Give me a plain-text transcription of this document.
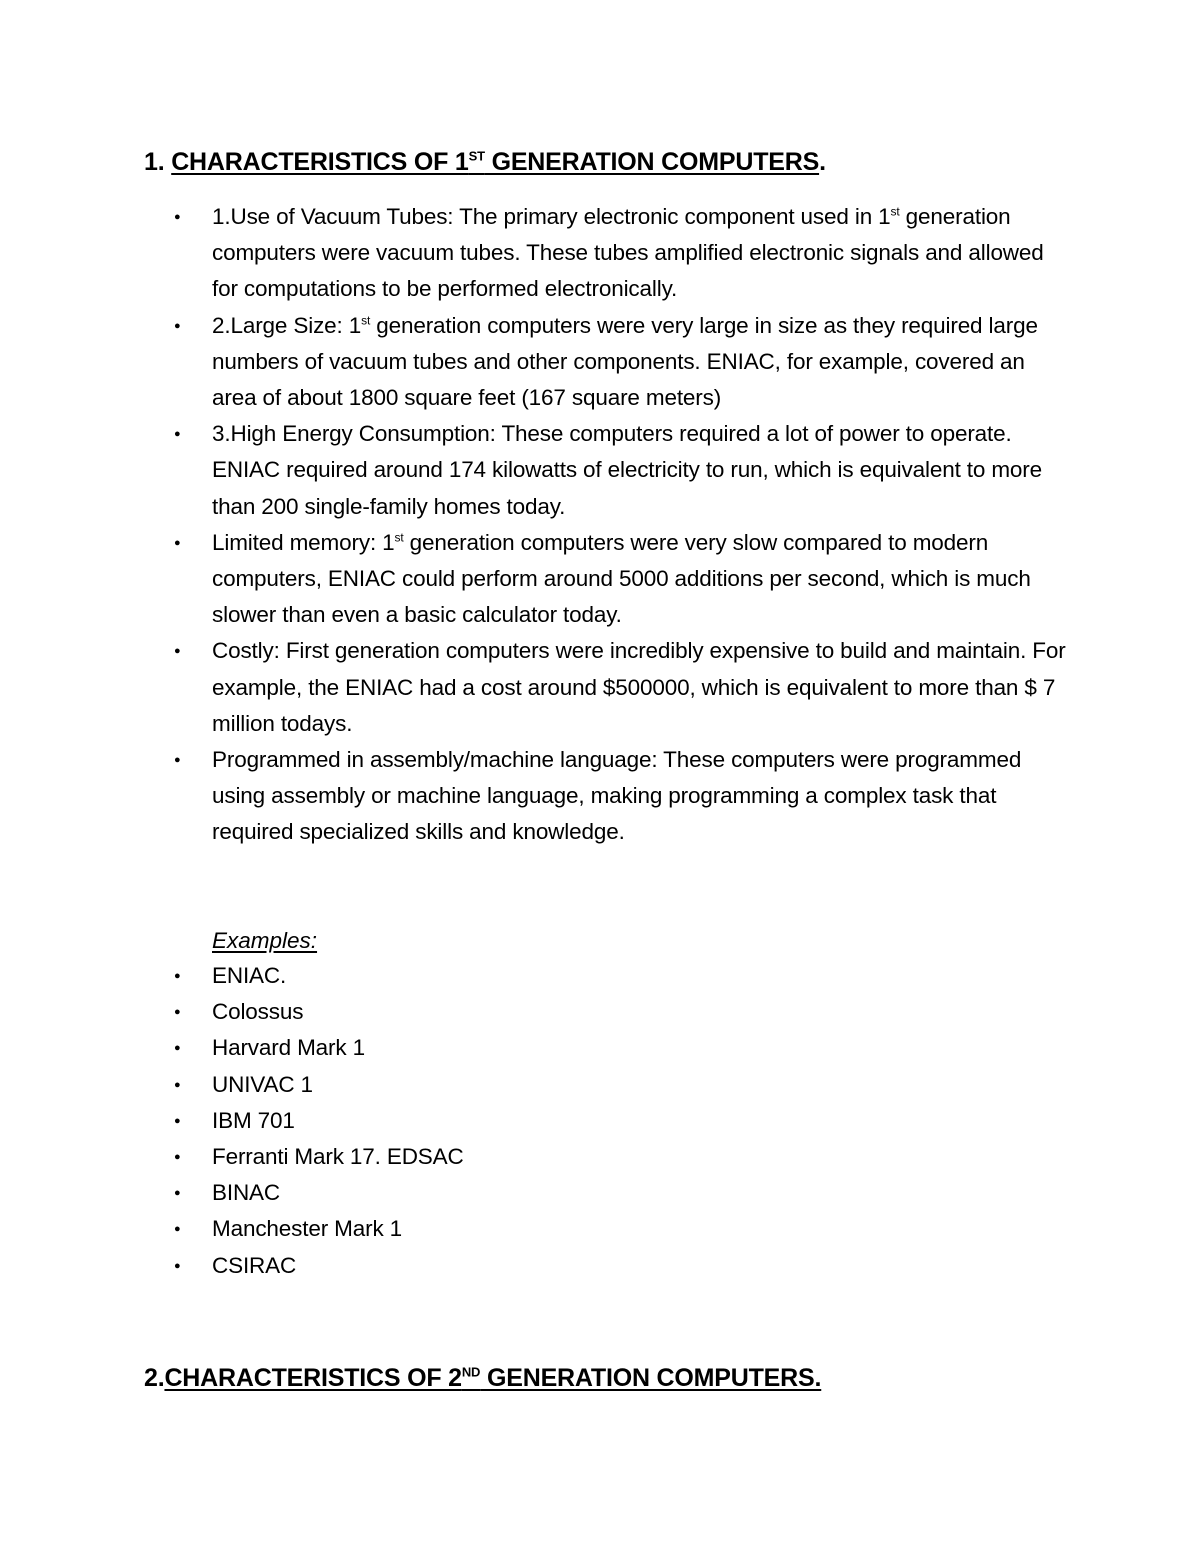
1. CHARACTERISTICS OF 1ST GENERATION COMPUTERS.
●
1.Use of Vacuum Tubes: The primary electronic component used in 1st generation computers were vacuum tubes. These tubes amplified electronic signals and allowed for computations to be performed electronically.
●
2.Large Size: 1st generation computers were very large in size as they required large numbers of vacuum tubes and other components. ENIAC, for example, covered an area of about 1800 square feet (167 square meters)
●
3.High Energy Consumption: These computers required a lot of power to operate. ENIAC required around 174 kilowatts of electricity to run, which is equivalent to more than 200 single-family homes today.
●
Limited memory: 1st generation computers were very slow compared to modern computers, ENIAC could perform around 5000 additions per second, which is much slower than even a basic calculator today.
●
Costly: First generation computers were incredibly expensive to build and maintain. For example, the ENIAC had a cost around $500000, which is equivalent to more than $ 7 million todays.
●
Programmed in assembly/machine language: These computers were programmed using assembly or machine language, making programming a complex task that required specialized skills and knowledge.
Examples:
●
ENIAC.
●
Colossus
●
Harvard Mark 1
●
UNIVAC 1
●
IBM 701
●
Ferranti Mark 17. EDSAC
●
BINAC
●
Manchester Mark 1
●
CSIRAC
2.CHARACTERISTICS OF 2ND GENERATION COMPUTERS.
